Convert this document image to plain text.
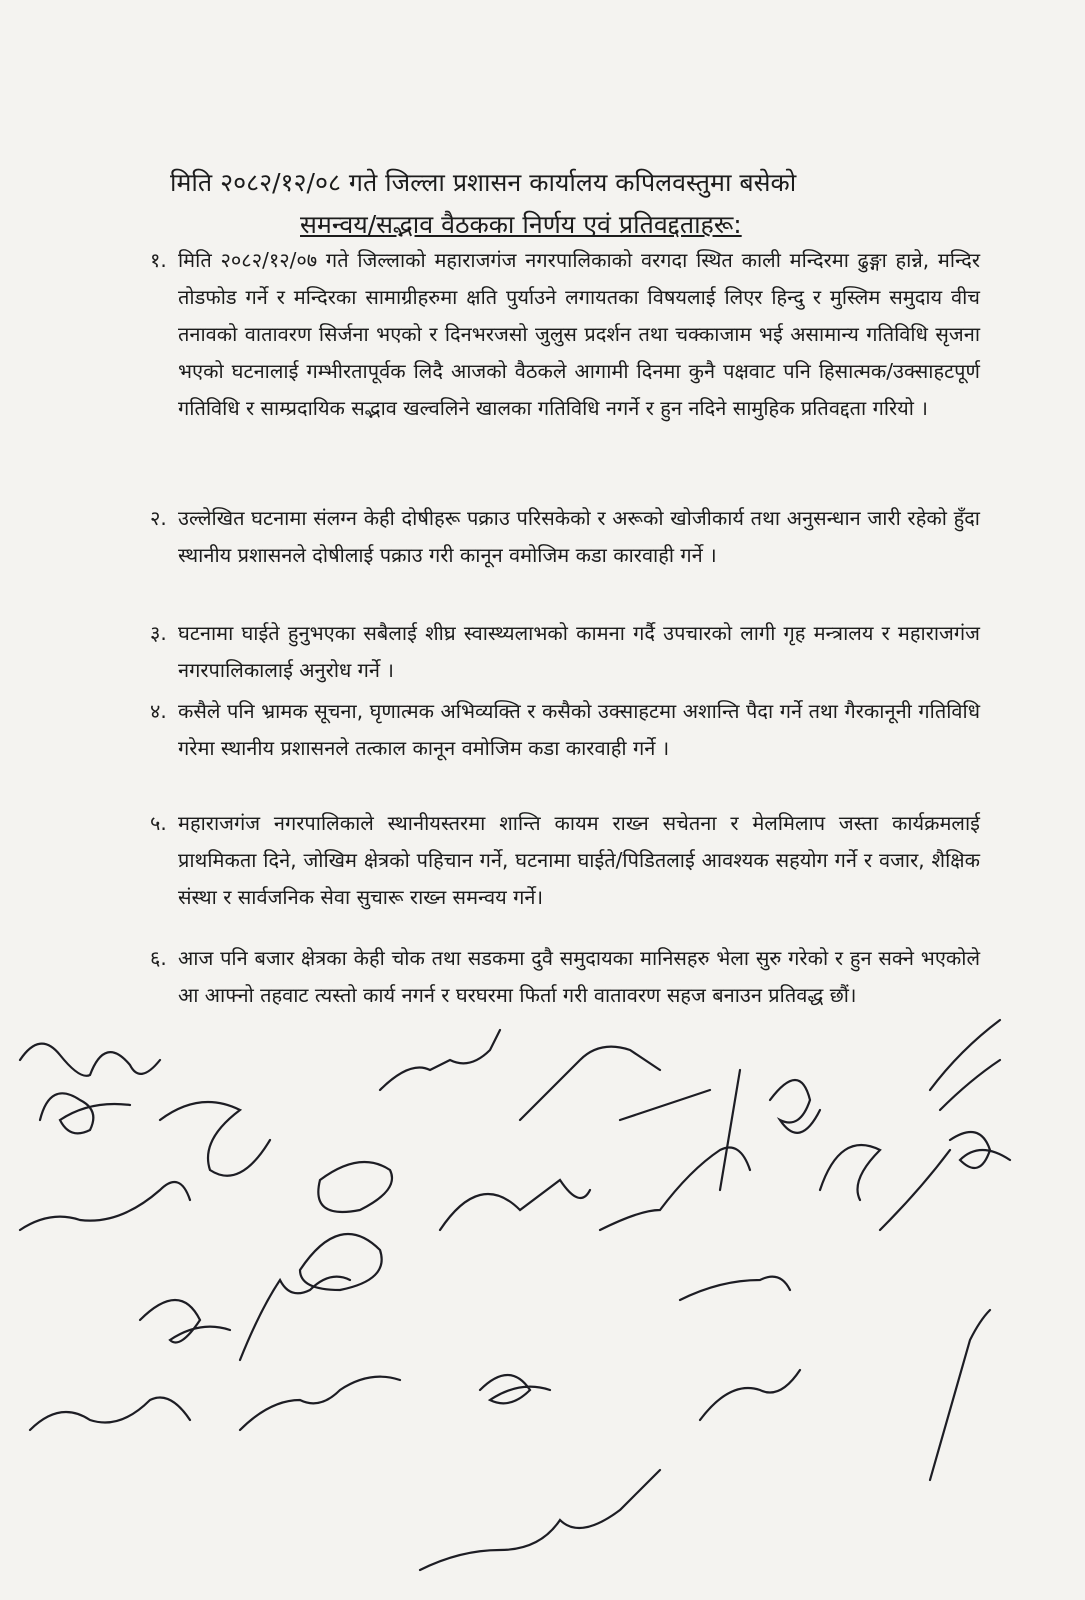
मिति २०८२/१२/०८ गते जिल्ला प्रशासन कार्यालय कपिलवस्तुमा बसेको
समन्वय/सद्भाव वैठकका निर्णय एवं प्रतिवद्दताहरू:
१. मिति २०८२/१२/०७ गते जिल्लाको महाराजगंज नगरपालिकाको वरगदा स्थित काली मन्दिरमा ढुङ्गा हान्ने, मन्दिर तोडफोड गर्ने र मन्दिरका सामाग्रीहरुमा क्षति पुर्याउने लगायतका विषयलाई लिएर हिन्दु र मुस्लिम समुदाय वीच तनावको वातावरण सिर्जना भएको र दिनभरजसो जुलुस प्रदर्शन तथा चक्काजाम भई असामान्य गतिविधि सृजना भएको घटनालाई गम्भीरतापूर्वक लिदै आजको वैठकले आगामी दिनमा कुनै पक्षवाट पनि हिसात्मक/उक्साहटपूर्ण गतिविधि र साम्प्रदायिक सद्भाव खल्वलिने खालका गतिविधि नगर्ने र हुन नदिने सामुहिक प्रतिवद्दता गरियो ।
२. उल्लेखित घटनामा संलग्न केही दोषीहरू पक्राउ परिसकेको र अरूको खोजीकार्य तथा अनुसन्धान जारी रहेको हुँदा स्थानीय प्रशासनले दोषीलाई पक्राउ गरी कानून वमोजिम कडा कारवाही गर्ने ।
३. घटनामा घाईते हुनुभएका सबैलाई शीघ्र स्वास्थ्यलाभको कामना गर्दै उपचारको लागी गृह मन्त्रालय र महाराजगंज नगरपालिकालाई अनुरोध गर्ने ।
४. कसैले पनि भ्रामक सूचना, घृणात्मक अभिव्यक्ति र कसैको उक्साहटमा अशान्ति पैदा गर्ने तथा गैरकानूनी गतिविधि गरेमा स्थानीय प्रशासनले तत्काल कानून वमोजिम कडा कारवाही गर्ने ।
५. महाराजगंज नगरपालिकाले स्थानीयस्तरमा शान्ति कायम राख्न सचेतना र मेलमिलाप जस्ता कार्यक्रमलाई प्राथमिकता दिने, जोखिम क्षेत्रको पहिचान गर्ने, घटनामा घाईते/पिडितलाई आवश्यक सहयोग गर्ने र वजार, शैक्षिक संस्था र सार्वजनिक सेवा सुचारू राख्न समन्वय गर्ने।
६. आज पनि बजार क्षेत्रका केही चोक तथा सडकमा दुवै समुदायका मानिसहरु भेला सुरु गरेको र हुन सक्ने भएकोले आ आफ्नो तहवाट त्यस्तो कार्य नगर्न र घरघरमा फिर्ता गरी वातावरण सहज बनाउन प्रतिवद्ध छौं।
